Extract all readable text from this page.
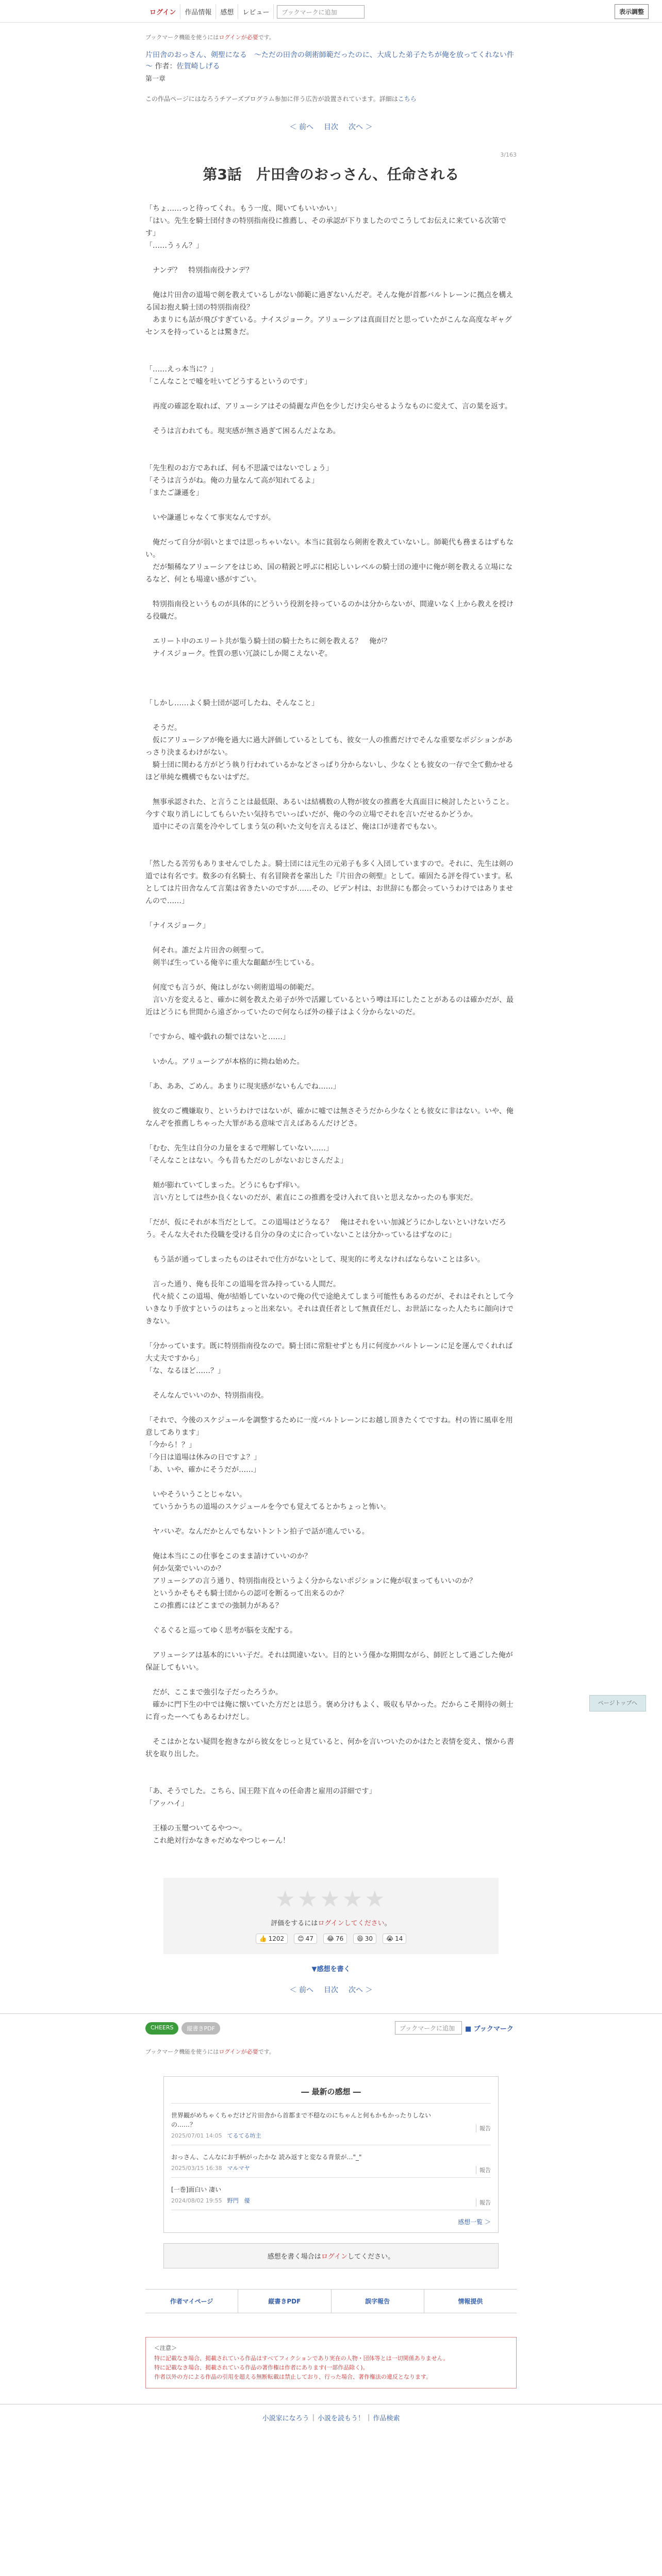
ログイン	作品情報	感想	レビュー	ブックマークに追加	表示調整
ブックマーク機能を使うにはログインが必要です。
片田舎のおっさん、剣聖になる　～ただの田舎の剣術師範だったのに、大成した弟子たちが俺を放ってくれない件～ 作者：佐賀崎しげる
第一章
この作品ページにはなろうチアーズプログラム参加に伴う広告が設置されています。詳細はこちら
＜ 前へ 目次 次へ ＞
3/163
第3話　片田舎のおっさん、任命される

「ちょ……っと待ってくれ。もう一度、聞いてもいいかい」

「はい。先生を騎士団付きの特別指南役に推薦し、その承認が下りましたのでこうしてお伝えに来ている次第です」

「……うぅん？」

　ナンデ？　特別指南役ナンデ？

　俺は片田舎の道場で剣を教えているしがない師範に過ぎないんだぞ。そんな俺が首都バルトレーンに拠点を構える国お抱え騎士団の特別指南役？

　あまりにも話が飛びすぎている。ナイスジョーク。アリューシアは真面目だと思っていたがこんな高度なギャグセンスを持っているとは驚きだ。

「……えっ本当に？」

「こんなことで嘘を吐いてどうするというのです」

　再度の確認を取れば、アリューシアはその綺麗な声色を少しだけ尖らせるようなものに変えて、言の葉を返す。

　そうは言われても。現実感が無さ過ぎて困るんだよなあ。

「先生程のお方であれば、何も不思議ではないでしょう」

「そうは言うがね。俺の力量なんて高が知れてるよ」

「またご謙遜を」

　いや謙遜じゃなくて事実なんですが。

　俺だって自分が弱いとまでは思っちゃいない。本当に貧弱なら剣術を教えていないし。師範代も務まるはずもない。

　だが類稀なアリューシアをはじめ、国の精鋭と呼ぶに相応しいレベルの騎士団の連中に俺が剣を教える立場になるなど、何とも場違い感がすごい。

　特別指南役というものが具体的にどういう役割を持っているのかは分からないが、間違いなく上から教えを授ける役職だ。

　エリート中のエリート共が集う騎士団の騎士たちに剣を教える？　俺が？

　ナイスジョーク。性質の悪い冗談にしか聞こえないぞ。

「しかし……よく騎士団が認可したね、そんなこと」

　そうだ。

　仮にアリューシアが俺を過大に過大評価しているとしても、彼女一人の推薦だけでそんな重要なポジションがあっさり決まるわけがない。

　騎士団に関わる方がどう執り行われているかなどさっぱり分からないし、少なくとも彼女の一存で全て動かせるほど単純な機構でもないはずだ。

　無事承認された、と言うことは最低限、あるいは結構数の人物が彼女の推薦を大真面目に検討したということ。今すぐ取り消しにしてもらいたい気持ちでいっぱいだが、俺の今の立場でそれを言いだせるかどうか。

　道中にその言葉を冷やしてしまう気の利いた文句を言えるほど、俺は口が達者でもない。

「然したる苦労もありませんでしたよ。騎士団には元生の元弟子も多く入団していますので。それに、先生は剣の道では有名です。数多の有名騎士、有名冒険者を輩出した『片田舎の剣聖』として。確固たる評を得ています。私としては片田舎なんて言葉は省きたいのですが……その、ビデン村は、お世辞にも都会っていうわけではありませんので……」

「ナイスジョーク」

　何それ。誰だよ片田舎の剣聖って。

　剣半ば生っている俺辛に重大な齟齬が生じている。

　何度でも言うが、俺はしがない剣術道場の師範だ。

　言い方を変えると、確かに剣を教えた弟子が外で活躍しているという噂は耳にしたことがあるのは確かだが、最近はどうにも世間から遠ざかっていたので何ならば外の様子はよく分からないのだ。

「ですから、嘘や戯れの類ではないと……」

　いかん。アリューシアが本格的に拗ね始めた。

「あ、ああ、ごめん。あまりに現実感がないもんでね……」

　彼女のご機嫌取り、というわけではないが、確かに嘘では無さそうだから少なくとも彼女に非はない。いや、俺なんぞを推薦しちゃった大罪がある意味で言えばあるんだけどさ。

「むむ、先生は自分の力量をまるで理解していない……」

「そんなことはない。今も昔もただのしがないおじさんだよ」

　頬が膨れていてしまった。どうにもむず痒い。

　言い方としては些か良くないのだが、素直にこの推薦を受け入れて良いと思えなかったのも事実だ。

「だが、仮にそれが本当だとして。この道場はどうなる？　俺はそれをいい加減どうにかしないといけないだろう。そんな大それた役職を受ける自分の身の丈に合っていないことは分かっているはずなのに」

　もう話が通ってしまったものはそれで仕方がないとして、現実的に考えなければならないことは多い。

　言った通り、俺も長年この道場を営み持っている人間だ。

　代々続くこの道場、俺が結婚していないので俺の代で途絶えてしまう可能性もあるのだが、それはそれとして今いきなり手放すというのはちょっと出来ない。それは責任者として無責任だし、お世話になった人たちに顔向けできない。

「分かっています。既に特別指南役なので。騎士団に常駐せずとも月に何度かバルトレーンに足を運んでくれれば大丈夫ですから」

「な、なるほど……？」

　そんなんでいいのか、特別指南役。

「それで、今後のスケジュールを調整するために一度バルトレーンにお越し頂きたくてですね。村の皆に風車を用意してあります」

「今から！？」

「今日は道場は休みの日ですよ？」

「あ、いや、確かにそうだが……」

　いやそういうことじゃない。

　ていうかうちの道場のスケジュールを今でも覚えてるとかちょっと怖い。

　ヤバいぞ。なんだかとんでもないトントン拍子で話が進んでいる。

　俺は本当にこの仕事をこのまま請けていいのか？

　何か気楽でいいのか？

　アリューシアの言う通り、特別指南役というよく分からないポジションに俺が収まってもいいのか？

　というかそもそも騎士団からの認可を断るって出来るのか？

　この推薦にはどこまでの強制力がある？

　ぐるぐると巡ってゆく思考が脳を支配する。

　アリューシアは基本的にいい子だ。それは間違いない。目的という僅かな期間ながら、師匠として過ごした俺が保証してもいい。

　だが、ここまで強引な子だったろうか。

　確かに門下生の中では俺に懐いていた方だとは思う。褒め分けもよく、吸収も早かった。だからこそ期待の剣士に育ったーへてもあるわけだし。

　そこはかとない疑問を抱きながら彼女をじっと見ていると、何かを言いついたのかはたと表情を変え、懐から書状を取り出した。

「あ、そうでした。こちら、国王陛下直々の任命書と雇用の詳細です」

「アッハイ」

　王様の玉璽ついてるやつ～。

　これ絶対行かなきゃだめなやつじゃーん！

★★★★★
評価をするにはログインしてください。
👍 1202 😊 47 😂 76 😆 30 😭 14
▼感想を書く
＜ 前へ 目次 次へ ＞
CHEERS	縦書きPDF	ブックマークに追加	■ ブックマーク
ブックマーク機能を使うにはログインが必要です。
― 最新の感想 ―
世界観がめちゃくちゃだけど片田舎から首都まで不穏なのにちゃんと何もかもかったりしないの……？
2025/07/01 14:05 てるてる坊主
報告
おっさん、こんなにお手柄がったかな 読み返すと変なる背景が…"_"
2025/03/15 16:38 マルマヤ	報告
[一巻]面白い 凄い
2024/08/02 19:55 野門　優	報告
感想一覧 ＞
感想を書く場合はログインしてください。
作者マイページ	縦書きPDF	誤字報告	情報提供
＜注意＞
特に記載なき場合、掲載されている作品はすべてフィクションであり実在の人物・団体等とは一切関係ありません。
特に記載なき場合、掲載されている作品の著作権は作者にあります(一部作品除く)。
作者以外の方による作品の引用を超える無断転載は禁止しており、行った場合、著作権法の違反となります。
小説家になろう | 小説を読もう！ | 作品検索
ページトップへ
